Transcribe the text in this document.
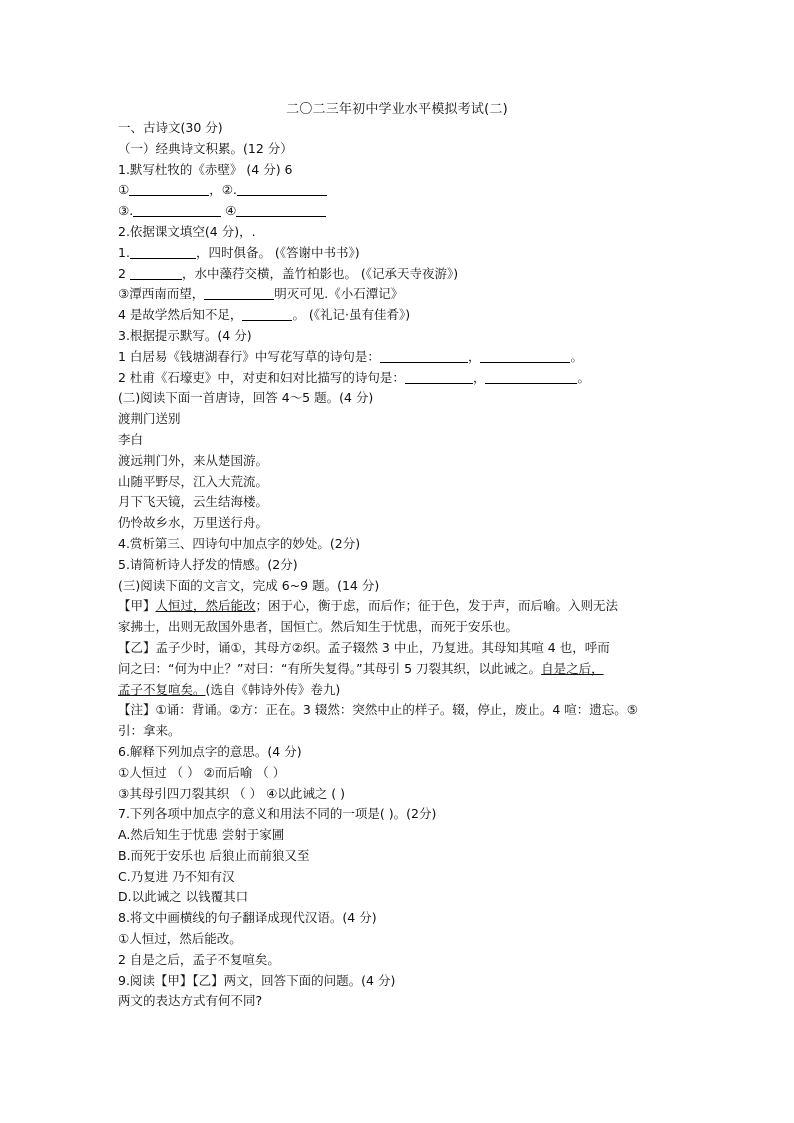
二〇二三年初中学业水平模拟考试(二)
一、古诗文(30 分)
（一）经典诗文积累。(12 分）
1.默写杜牧的《赤壁》 (4 分) 6
①	，②.
③.	④
2.依据课文填空(4 分)，.
1.	，四时俱备。 (《答谢中书书》)
2	，水中藻荇交横，盖竹柏影也。 (《记承天寺夜游》)
③潭西南而望，	明灭可见.《小石潭记》
4 是故学然后知不足，	。 (《礼记·虽有佳肴》)
3.根据提示默写。(4 分)
1 白居易《钱塘湖春行》中写花写草的诗句是：	，	。
2 杜甫《石壕吏》中，对吏和妇对比描写的诗句是：	，	。
(二)阅读下面一首唐诗，回答 4～5 题。(4 分)
渡荆门送别
李白
渡远荆门外，来从楚国游。
山随平野尽，江入大荒流。
月下飞天镜，云生结海楼。
仍怜故乡水，万里送行舟。
4.赏析第三、四诗句中加点字的妙处。(2分)
5.请简析诗人抒发的情感。(2分)
(三)阅读下面的文言文，完成 6~9 题。(14 分)
【甲】人恒过，然后能改；困于心，衡于虑，而后作；征于色，发于声，而后喻。入则无法
家拂士，出则无敌国外患者，国恒亡。然后知生于忧患，而死于安乐也。
【乙】孟子少时，诵①，其母方②织。孟子辍然 3 中止，乃复进。其母知其喧 4 也，呼而
问之曰：“何为中止？”对曰：“有所失复得。”其母引 5 刀裂其织，以此诫之。自是之后，
孟子不复喧矣。(选自《韩诗外传》卷九)
【注】①诵：背诵。②方：正在。3 辍然：突然中止的样子。辍，停止，废止。4 喧：遗忘。⑤
引：拿来。
6.解释下列加点字的意思。(4 分)
①人恒过 （ ） ②而后喻 （ ）
③其母引四刀裂其织 （ ） ④以此诫之 ( )
7.下列各项中加点字的意义和用法不同的一项是( )。(2分)
A.然后知生于忧患 尝射于家圃
B.而死于安乐也 后狼止而前狼又至
C.乃复进 乃不知有汉
D.以此诫之 以钱覆其口
8.将文中画横线的句子翻译成现代汉语。(4 分)
①人恒过，然后能改。
2 自是之后，孟子不复喧矣。
9.阅读【甲】【乙】两文，回答下面的问题。(4 分)
两文的表达方式有何不同?
